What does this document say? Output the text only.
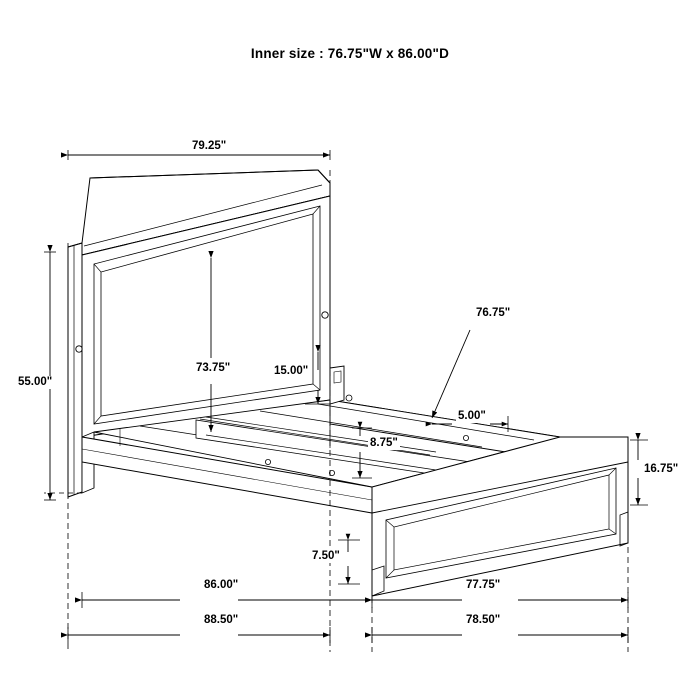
Inner size : 76.75"W x 86.00"D
79.25"
73.75"
55.00"
15.00"
76.75"
5.00"
8.75"
16.75"
7.50"
86.00"	77.75"
88.50"	78.50"
